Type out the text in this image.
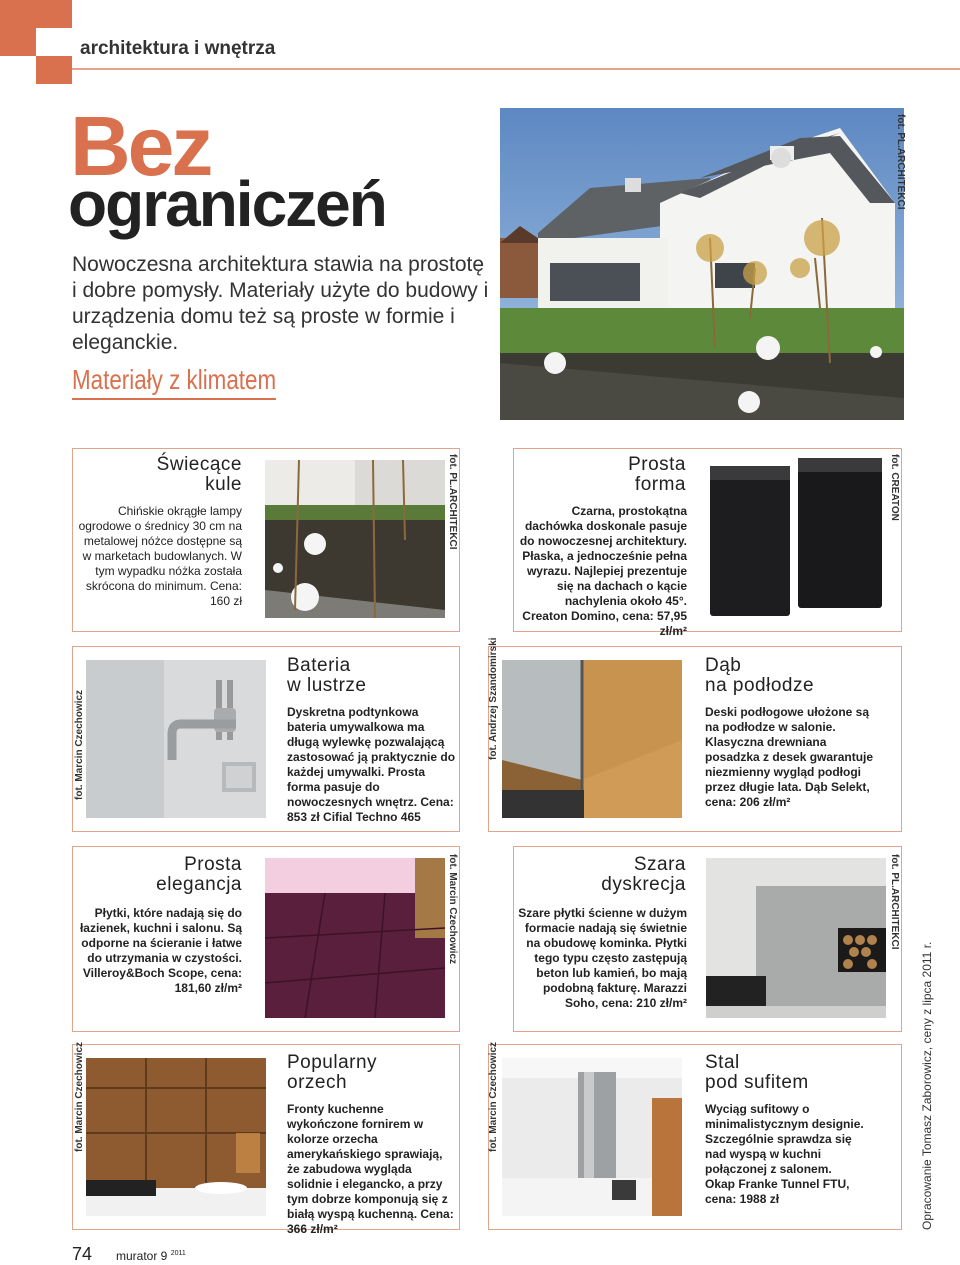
architektura i wnętrza
Bez
ograniczeń
Nowoczesna architektura stawia na prostotę i dobre pomysły. Materiały użyte do budowy i urządzenia domu też są proste w formie i eleganckie.
Materiały z klimatem
fot. PL.ARCHITEKCI
Świecące
kule
Chińskie okrągłe lampy ogrodowe o średnicy 30 cm na metalowej nóżce dostępne są w marketach budowlanych. W tym wypadku nóżka została skrócona do minimum. Cena: 160 zł
fot. PL.ARCHITEKCI	Prosta
forma
Czarna, prostokątna dachówka doskonale pasuje do nowoczesnej architektury. Płaska, a jednocześnie pełna wyrazu. Najlepiej prezentuje się na dachach o kącie nachylenia około 45°. Creaton Domino, cena: 57,95 zł/m²
fot. CREATON
fot. Marcin Czechowicz
Bateria
w lustrze
Dyskretna podtynkowa bateria umywalkowa ma długą wylewkę pozwalającą zastosować ją praktycznie do każdej umywalki. Prosta forma pasuje do nowoczesnych wnętrz. Cena: 853 zł Cifial Techno 465
fot. Andrzej Szandomirski	Dąb
na podłodze
Deski podłogowe ułożone są na podłodze w salonie. Klasyczna drewniana posadzka z desek gwarantuje niezmienny wygląd podłogi przez długie lata. Dąb Selekt, cena: 206 zł/m²
Prosta
elegancja
Płytki, które nadają się do łazienek, kuchni i salonu. Są odporne na ścieranie i łatwe do utrzymania w czystości. Villeroy&Boch Scope, cena: 181,60 zł/m²
fot. Marcin Czechowicz	Szara
dyskrecja
Szare płytki ścienne w dużym formacie nadają się świetnie na obudowę kominka. Płytki tego typu często zastępują beton lub kamień, bo mają podobną fakturę. Marazzi Soho, cena: 210 zł/m²
fot. PL.ARCHITEKCI
fot. Marcin Czechowicz	Popularny
orzech
Fronty kuchenne wykończone fornirem w kolorze orzecha amerykańskiego sprawiają, że zabudowa wygląda solidnie i elegancko, a przy tym dobrze komponują się z białą wyspą kuchenną. Cena: 366 zł/m²
fot. Marcin Czechowicz	Stal
pod sufitem
Wyciąg sufitowy o minimalistycznym designie. Szczególnie sprawdza się nad wyspą w kuchni połączonej z salonem. Okap Franke Tunnel FTU, cena: 1988 zł
74 murator 9 $^{2011}$
Opracowanie Tomasz Zaborowicz, ceny z lipca 2011 r.
